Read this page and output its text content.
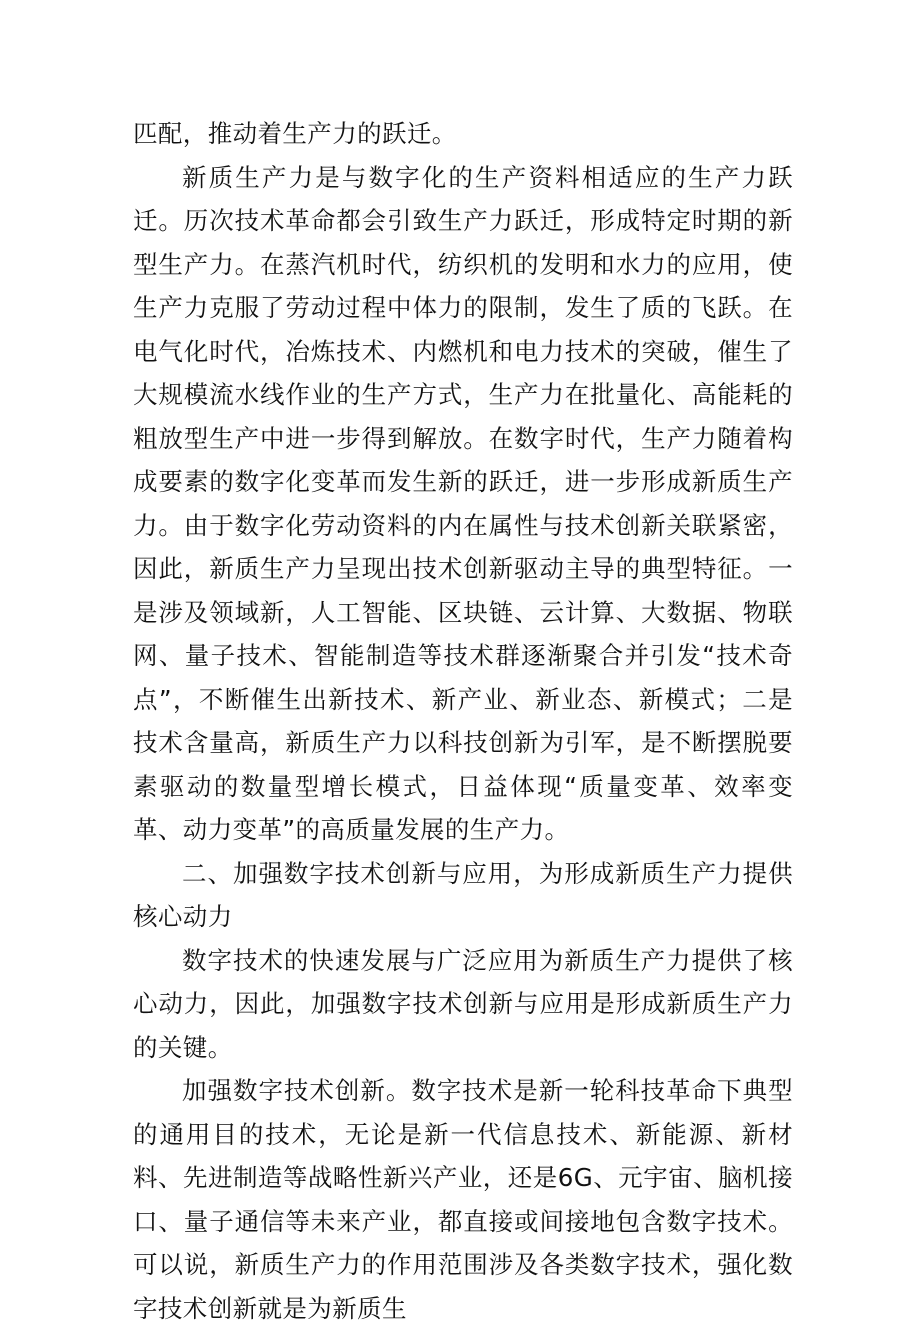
匹配，推动着生产力的跃迁。

新质生产力是与数字化的生产资料相适应的生产力跃迁。历次技术革命都会引致生产力跃迁，形成特定时期的新型生产力。在蒸汽机时代，纺织机的发明和水力的应用，使生产力克服了劳动过程中体力的限制，发生了质的飞跃。在电气化时代，冶炼技术、内燃机和电力技术的突破，催生了大规模流水线作业的生产方式，生产力在批量化、高能耗的粗放型生产中进一步得到解放。在数字时代，生产力随着构成要素的数字化变革而发生新的跃迁，进一步形成新质生产力。由于数字化劳动资料的内在属性与技术创新关联紧密，因此，新质生产力呈现出技术创新驱动主导的典型特征。一是涉及领域新，人工智能、区块链、云计算、大数据、物联网、量子技术、智能制造等技术群逐渐聚合并引发“技术奇点”，不断催生出新技术、新产业、新业态、新模式；二是技术含量高，新质生产力以科技创新为引军，是不断摆脱要素驱动的数量型增长模式，日益体现“质量变革、效率变革、动力变革”的高质量发展的生产力。

二、加强数字技术创新与应用，为形成新质生产力提供核心动力

数字技术的快速发展与广泛应用为新质生产力提供了核心动力，因此，加强数字技术创新与应用是形成新质生产力的关键。

加强数字技术创新。数字技术是新一轮科技革命下典型的通用目的技术，无论是新一代信息技术、新能源、新材料、先进制造等战略性新兴产业，还是6G、元宇宙、脑机接口、量子通信等未来产业，都直接或间接地包含数字技术。可以说，新质生产力的作用范围涉及各类数字技术，强化数字技术创新就是为新质生
